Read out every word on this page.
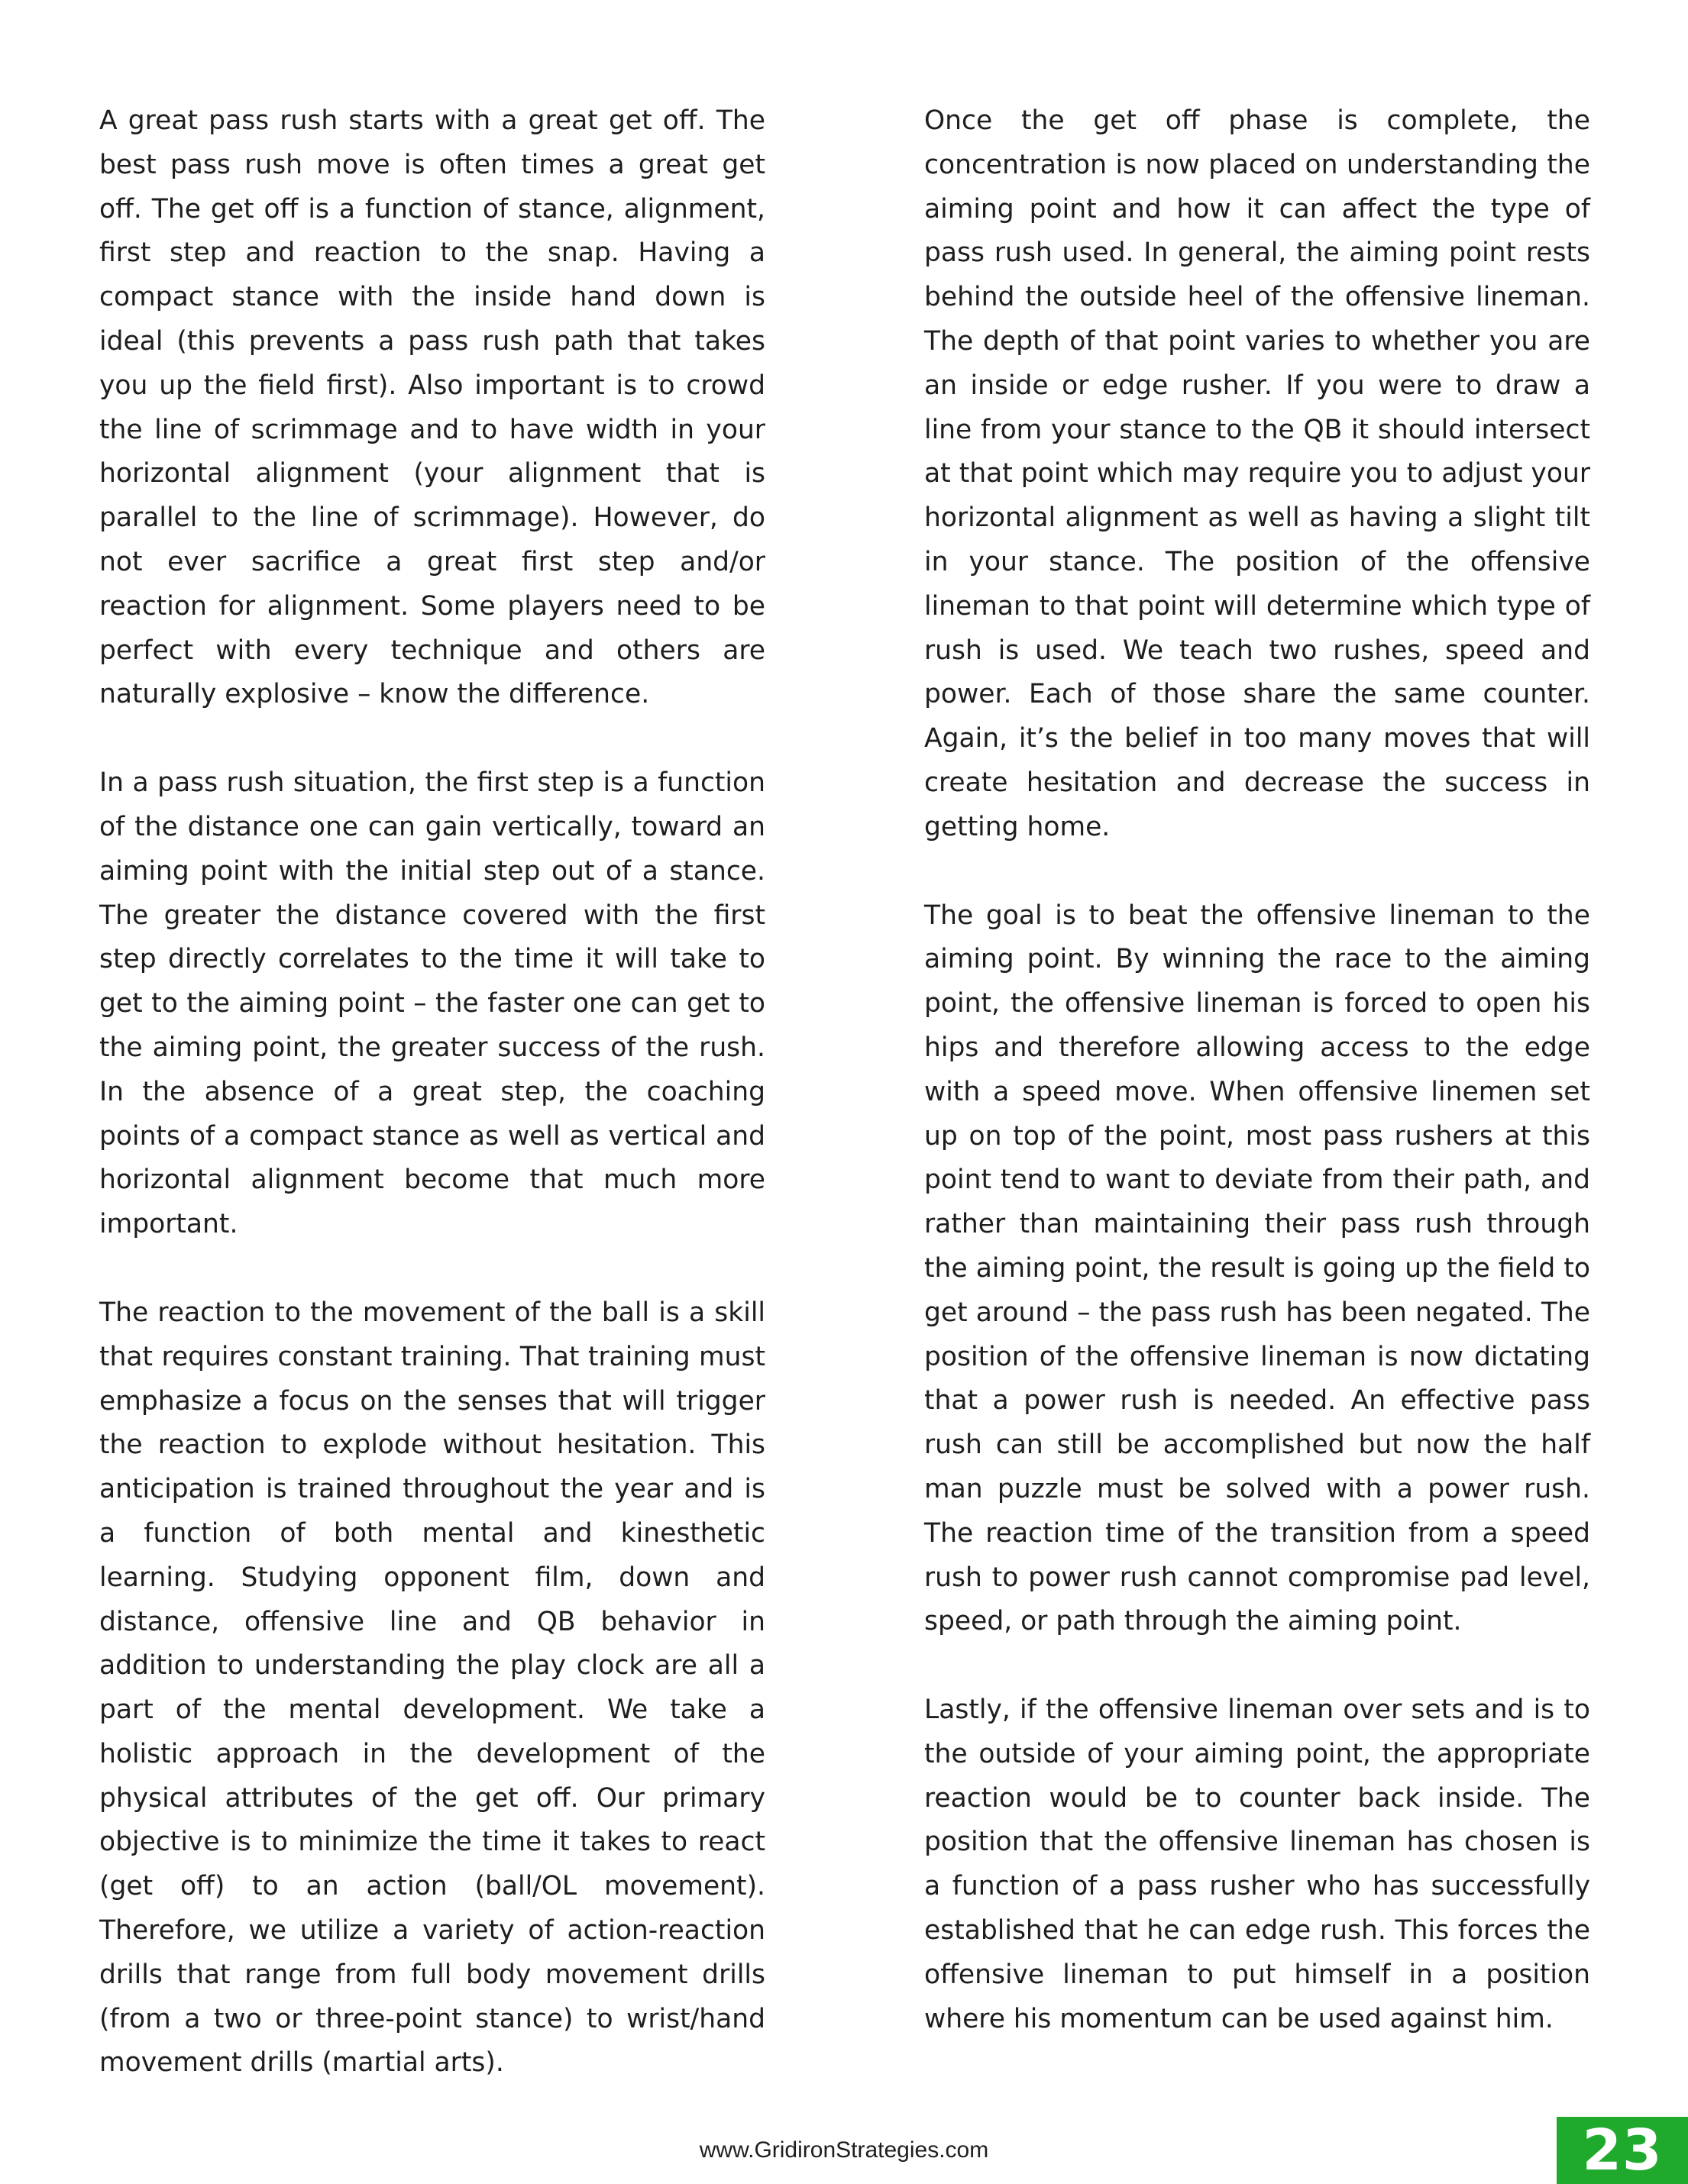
A great pass rush starts with a great get off. The best pass rush move is often times a great get off. The get off is a function of stance, alignment, first step and reaction to the snap. Having a compact stance with the inside hand down is ideal (this prevents a pass rush path that takes you up the field first). Also important is to crowd the line of scrimmage and to have width in your horizontal alignment (your alignment that is parallel to the line of scrimmage). However, do not ever sacrifice a great first step and/or reaction for alignment. Some players need to be perfect with every technique and others are naturally explosive – know the difference.

In a pass rush situation, the first step is a function of the distance one can gain vertically, toward an aiming point with the initial step out of a stance. The greater the distance covered with the first step directly correlates to the time it will take to get to the aiming point – the faster one can get to the aiming point, the greater success of the rush. In the absence of a great step, the coaching points of a compact stance as well as vertical and horizontal alignment become that much more important.

The reaction to the movement of the ball is a skill that requires constant training. That training must emphasize a focus on the senses that will trigger the reaction to explode without hesitation. This anticipation is trained throughout the year and is a function of both mental and kinesthetic learning. Studying opponent film, down and distance, offensive line and QB behavior in addition to understanding the play clock are all a part of the mental development. We take a holistic approach in the development of the physical attributes of the get off. Our primary objective is to minimize the time it takes to react (get off) to an action (ball/OL movement). Therefore, we utilize a variety of action-reaction drills that range from full body movement drills (from a two or three-point stance) to wrist/hand movement drills (martial arts).

Once the get off phase is complete, the concentration is now placed on understanding the aiming point and how it can affect the type of pass rush used. In general, the aiming point rests behind the outside heel of the offensive lineman. The depth of that point varies to whether you are an inside or edge rusher. If you were to draw a line from your stance to the QB it should intersect at that point which may require you to adjust your horizontal alignment as well as having a slight tilt in your stance. The position of the offensive lineman to that point will determine which type of rush is used. We teach two rushes, speed and power. Each of those share the same counter. Again, it’s the belief in too many moves that will create hesitation and decrease the success in getting home.

The goal is to beat the offensive lineman to the aiming point. By winning the race to the aiming point, the offensive lineman is forced to open his hips and therefore allowing access to the edge with a speed move. When offensive linemen set up on top of the point, most pass rushers at this point tend to want to deviate from their path, and rather than maintaining their pass rush through the aiming point, the result is going up the field to get around – the pass rush has been negated. The position of the offensive lineman is now dictating that a power rush is needed. An effective pass rush can still be accomplished but now the half man puzzle must be solved with a power rush. The reaction time of the transition from a speed rush to power rush cannot compromise pad level, speed, or path through the aiming point.

Lastly, if the offensive lineman over sets and is to the outside of your aiming point, the appropriate reaction would be to counter back inside. The position that the offensive lineman has chosen is a function of a pass rusher who has successfully established that he can edge rush. This forces the offensive lineman to put himself in a position where his momentum can be used against him.

www.GridironStrategies.com	23
